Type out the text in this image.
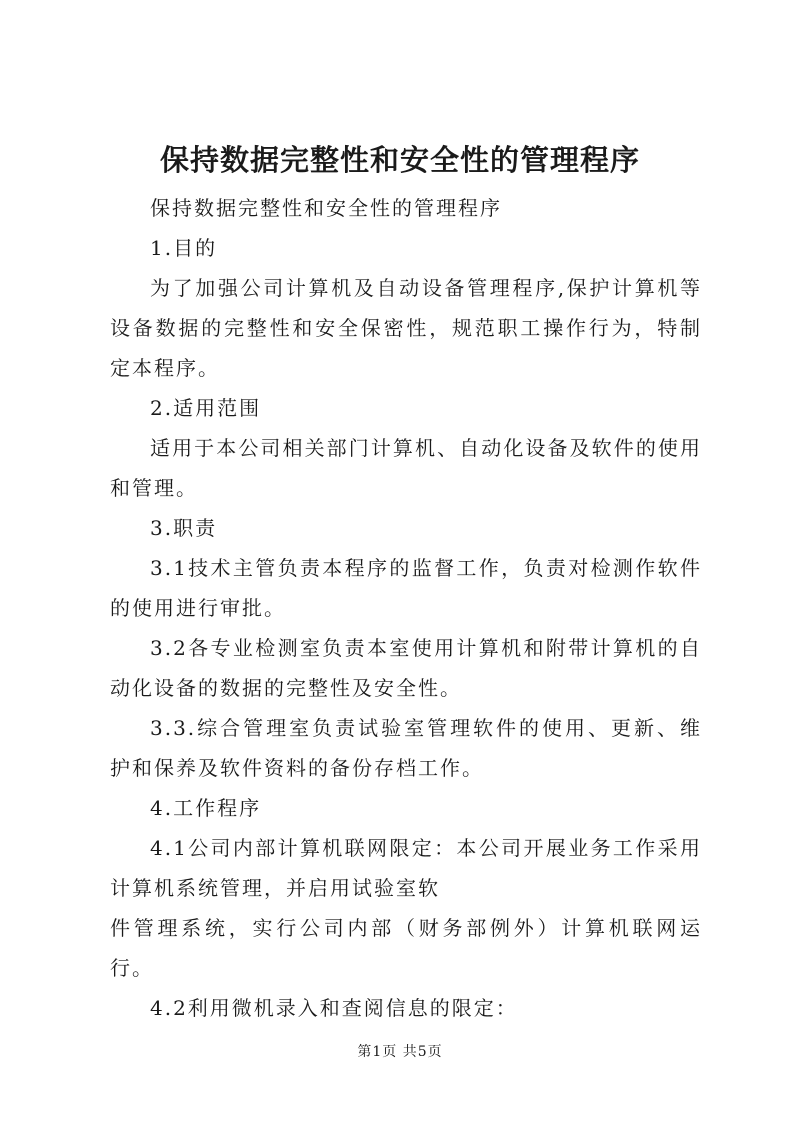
保持数据完整性和安全性的管理程序

保持数据完整性和安全性的管理程序

1.目的

为了加强公司计算机及自动设备管理程序,保护计算机等设备数据的完整性和安全保密性，规范职工操作行为，特制定本程序。

2.适用范围

适用于本公司相关部门计算机、自动化设备及软件的使用和管理。

3.职责

3.1技术主管负责本程序的监督工作，负责对检测作软件的使用进行审批。

3.2各专业检测室负责本室使用计算机和附带计算机的自动化设备的数据的完整性及安全性。

3.3.综合管理室负责试验室管理软件的使用、更新、维护和保养及软件资料的备份存档工作。

4.工作程序

4.1公司内部计算机联网限定：本公司开展业务工作采用计算机系统管理，并启用试验室软

件管理系统，实行公司内部（财务部例外）计算机联网运行。

4.2利用微机录入和查阅信息的限定：

第1页 共5页
